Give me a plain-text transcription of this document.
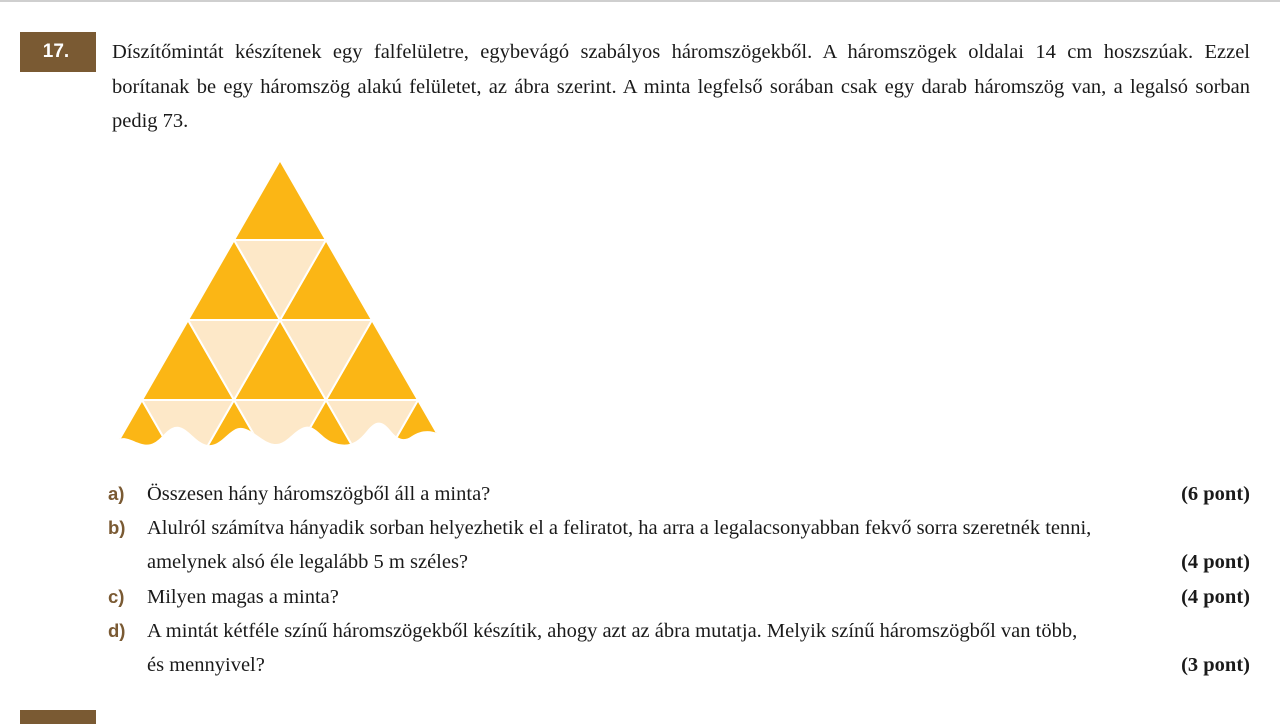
17. Díszítőmintát készítenek egy falfelületre, egybevágó szabályos háromszögekből. A háromszögek oldalai 14 cm hoszszúak. Ezzel borítanak be egy háromszög alakú felületet, az ábra szerint. A minta legfelső sorában csak egy darab háromszög van, a legalsó sorban pedig 73.

a)	(6 pont)
Összesen hány háromszögből áll a minta?
b) Alulról számítva hányadik sorban helyezhetik el a feliratot, ha arra a legalacsonyabban fekvő sorra szeretnék tenni,
(4 pont)
amelynek alsó éle legalább 5 m széles?
c)	(4 pont)
Milyen magas a minta?
d) A mintát kétféle színű háromszögekből készítik, ahogy azt az ábra mutatja. Melyik színű háromszögből van több,
(3 pont)
és mennyivel?
